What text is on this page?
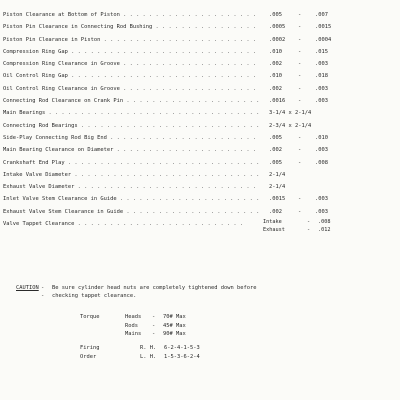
Piston Clearance at Bottom of Piston . . .	.005	-	.007
Piston Pin Clearance in Connecting Rod Bushing . . .	.0005 -	.0015
Piston Pin Clearance in Piston . . .	.0002 -	.0004
Compression Ring Gap . . .	.010	-	.015
Compression Ring Clearance in Groove . . .	.002	-	.003
Oil Control Ring Gap . . .	.010	-	.018
Oil Control Ring Clearance in Groove . . .	.002	-	.003
Connecting Rod Clearance on Crank Pin . . .	.0016 -	.003
Main Bearings . . .	3-1/4 x 2-1/4
Connecting Rod Bearings . . .	2-3/4 x 2-1/4
Side-Play Connecting Rod Big End . . .	.005	-	.010
Main Bearing Clearance on Diameter . . .	.002	-	.003
Crankshaft End Play . . .	.005	-	.008
Intake Valve Diameter . . .	2-1/4
Exhaust Valve Diameter . . .	2-1/4
Inlet Valve Stem Clearance in Guide . . .	.0015 -	.003
Exhaust Valve Stem Clearance in Guide . . .	.002	-	.003
Valve Tappet Clearance . . .	Intake	- .008
Exhaust	- .012
CAUTION --
Be sure cylinder head nuts are completely tightened down before checking tappet clearance.
Torque	Heads - 70# Max
Rods	- 45# Max
Mains - 90# Max
Firing Order
R. H. 6-2-4-1-5-3
L. H. 1-5-3-6-2-4
